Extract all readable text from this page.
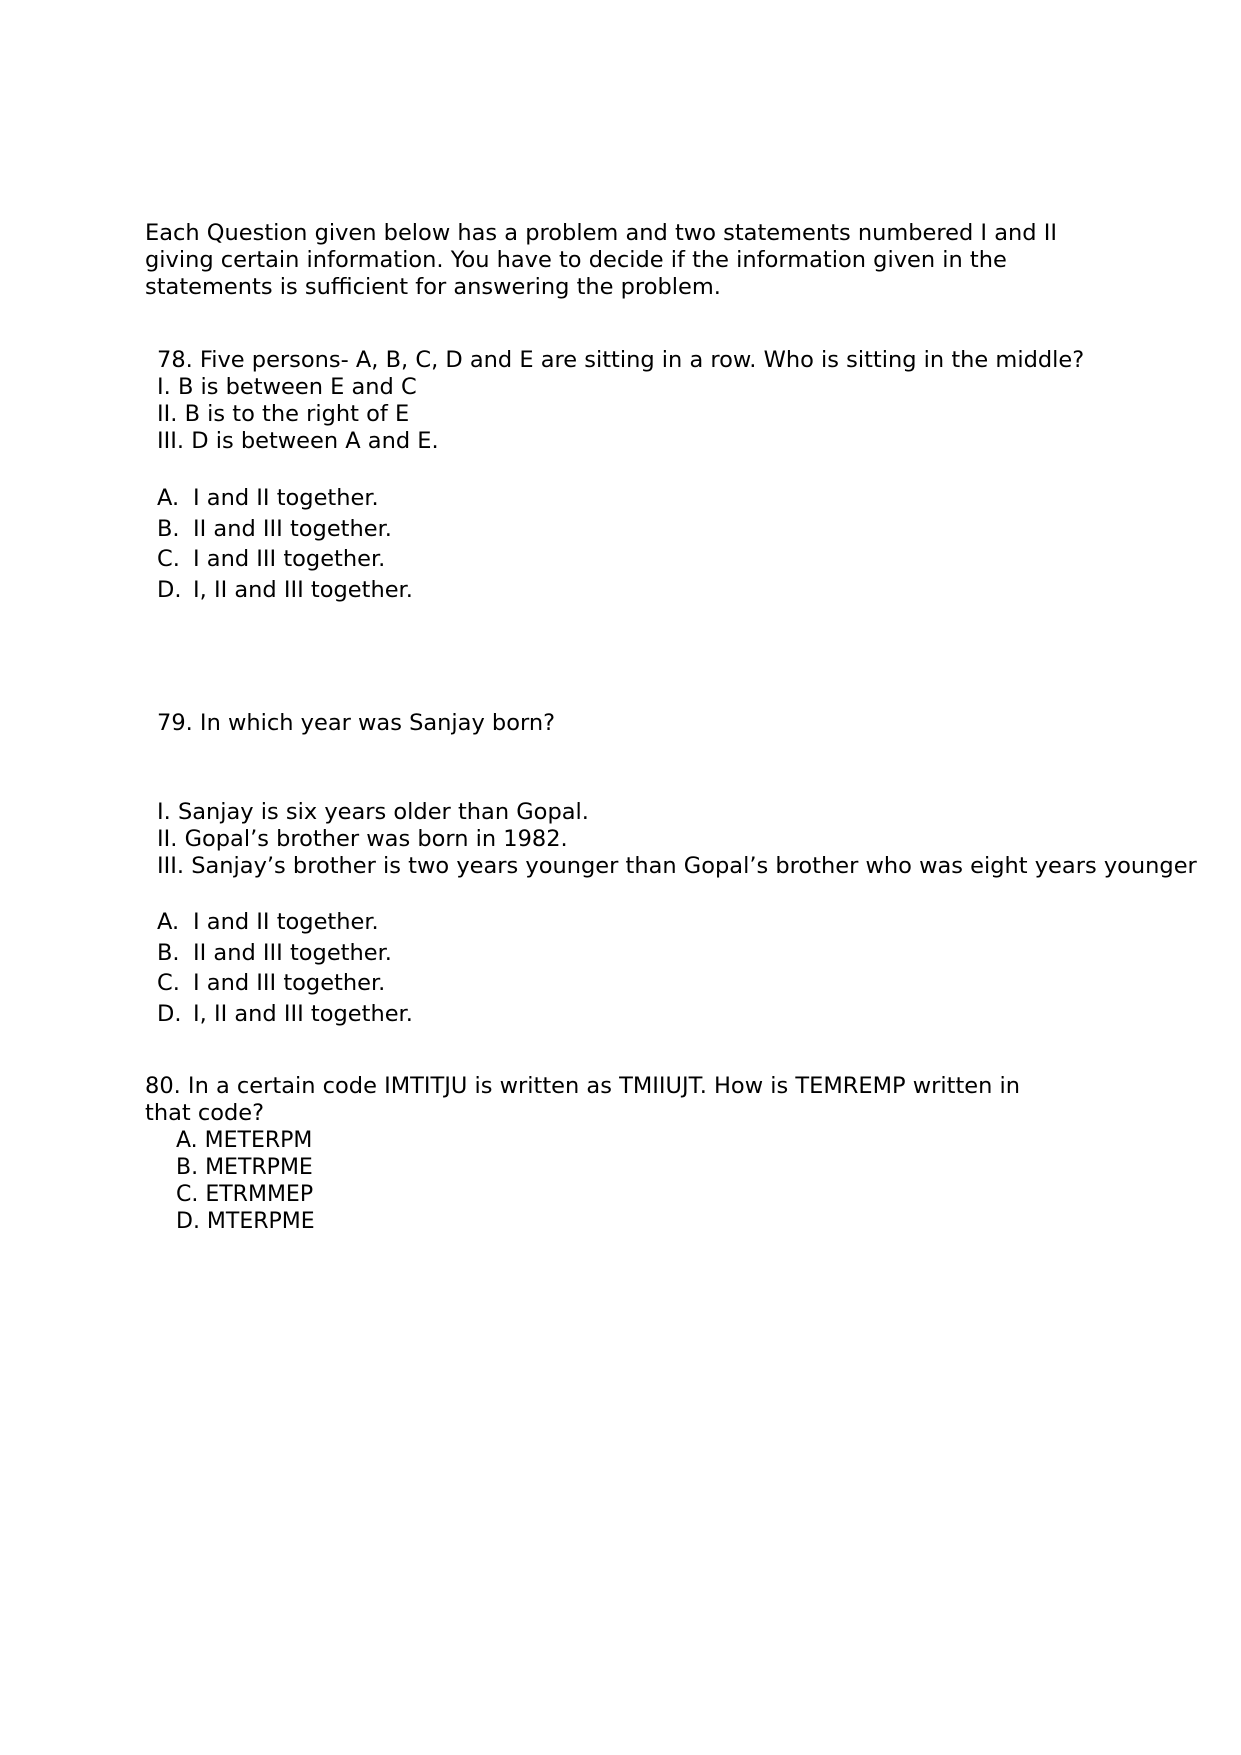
Each Question given below has a problem and two statements numbered I and II

giving certain information. You have to decide if the information given in the

statements is sufficient for answering the problem.

78. Five persons- A, B, C, D and E are sitting in a row. Who is sitting in the middle?
I. B is between E and C
II. B is to the right of E
III. D is between A and E.
A. I and II together.
B. II and III together.
C. I and III together.
D. I, II and III together.
79. In which year was Sanjay born?
I. Sanjay is six years older than Gopal.
II. Gopal’s brother was born in 1982.
III. Sanjay’s brother is two years younger than Gopal’s brother who was eight years younger
A. I and II together.
B. II and III together.
C. I and III together.
D. I, II and III together.

80. In a certain code IMTITJU is written as TMIIUJT. How is TEMREMP written in
that code?

A. METERPM
B. METRPME
C. ETRMMEP
D. MTERPME
